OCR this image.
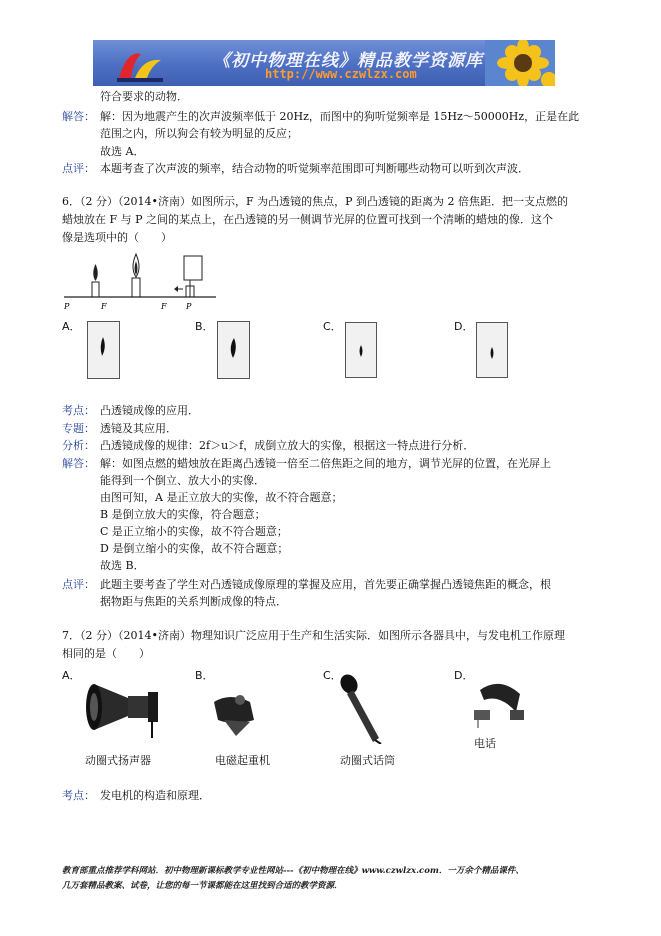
《初中物理在线》精品教学资源库
http://www.czwlzx.com
符合要求的动物．
解答： 解：因为地震产生的次声波频率低于 20Hz，而图中的狗听觉频率是 15Hz～50000Hz，正是在此
范围之内，所以狗会有较为明显的反应；
故选 A．
点评： 本题考查了次声波的频率，结合动物的听觉频率范围即可判断哪些动物可以听到次声波．
6．（2 分）（2014•济南）如图所示，F 为凸透镜的焦点，P 到凸透镜的距离为 2 倍焦距．把一支点燃的
蜡烛放在 F 与 P 之间的某点上，在凸透镜的另一侧调节光屏的位置可找到一个清晰的蜡烛的像．这个
像是选项中的（　　）
P	F	F P
A．	B．	C．	D．
考点： 凸透镜成像的应用．
专题： 透镜及其应用．
分析： 凸透镜成像的规律：2f＞u＞f，成倒立放大的实像，根据这一特点进行分析．
解答： 解：如图点燃的蜡烛放在距离凸透镜一倍至二倍焦距之间的地方，调节光屏的位置，在光屏上
能得到一个倒立、放大小的实像．
由图可知，A 是正立放大的实像，故不符合题意；
B 是倒立放大的实像，符合题意；
C 是正立缩小的实像，故不符合题意；
D 是倒立缩小的实像，故不符合题意；
故选 B．
点评： 此题主要考查了学生对凸透镜成像原理的掌握及应用，首先要正确掌握凸透镜焦距的概念，根
据物距与焦距的关系判断成像的特点．
7．（2 分）（2014•济南）物理知识广泛应用于生产和生活实际．如图所示各器具中，与发电机工作原理
相同的是（　　）
A．	B．	C．	D．
动圈式扬声器	电磁起重机	动圈式话筒
电话
考点： 发电机的构造和原理．
教育部重点推荐学科网站．初中物理新课标教学专业性网站---《初中物理在线》www.czwlzx.com．一万余个精品课件、
几万套精品教案、试卷，让您的每一节课都能在这里找到合适的教学资源．
